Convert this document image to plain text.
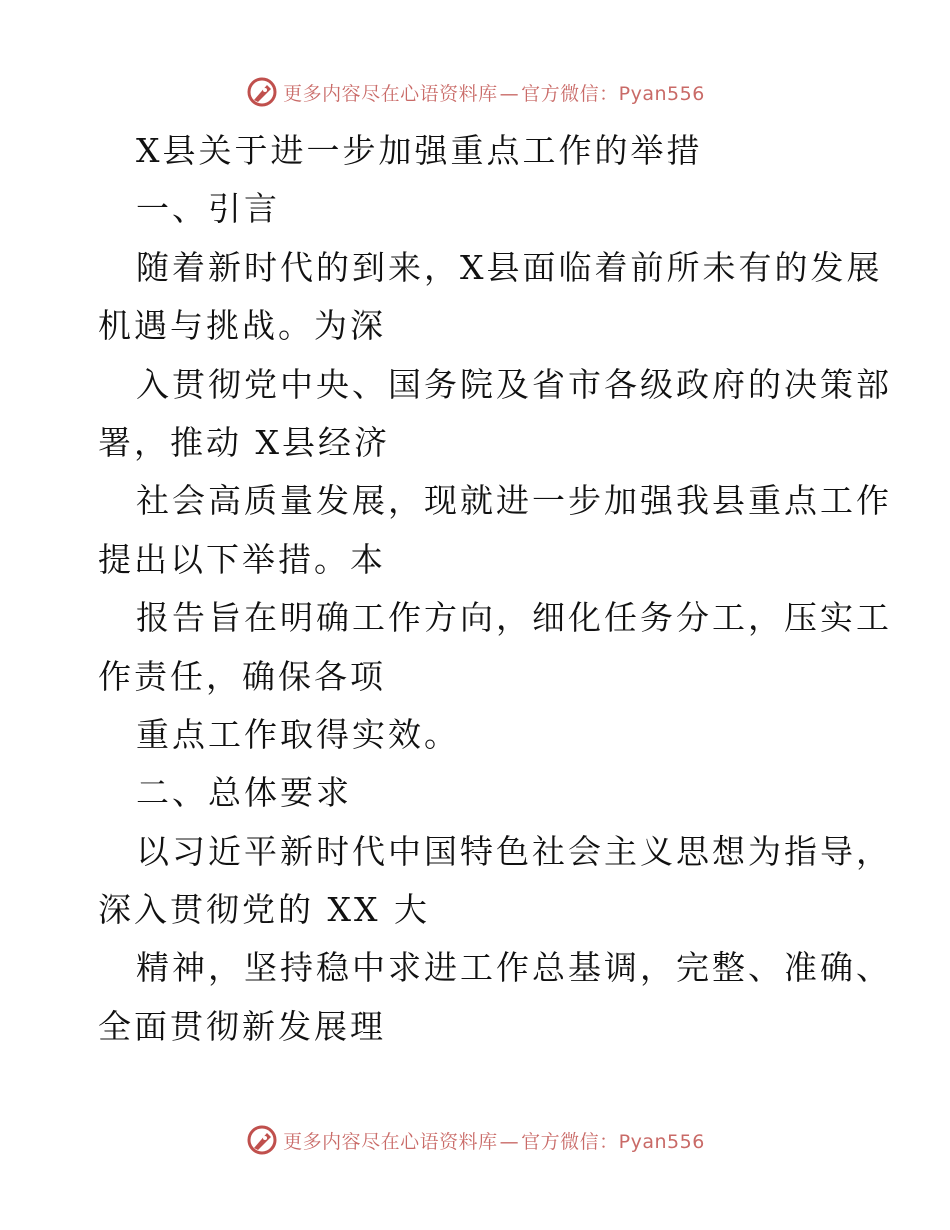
更多内容尽在心语资料库 — 官方微信：Pyan556
X县关于进一步加强重点工作的举措
一、引言
随着新时代的到来，X县面临着前所未有的发展
机遇与挑战。为深
入贯彻党中央、国务院及省市各级政府的决策部
署，推动 X县经济
社会高质量发展，现就进一步加强我县重点工作
提出以下举措。本
报告旨在明确工作方向，细化任务分工，压实工
作责任，确保各项
重点工作取得实效。
二、总体要求
以习近平新时代中国特色社会主义思想为指导，
深入贯彻党的 XX 大
精神，坚持稳中求进工作总基调，完整、准确、
全面贯彻新发展理
更多内容尽在心语资料库 — 官方微信：Pyan556
